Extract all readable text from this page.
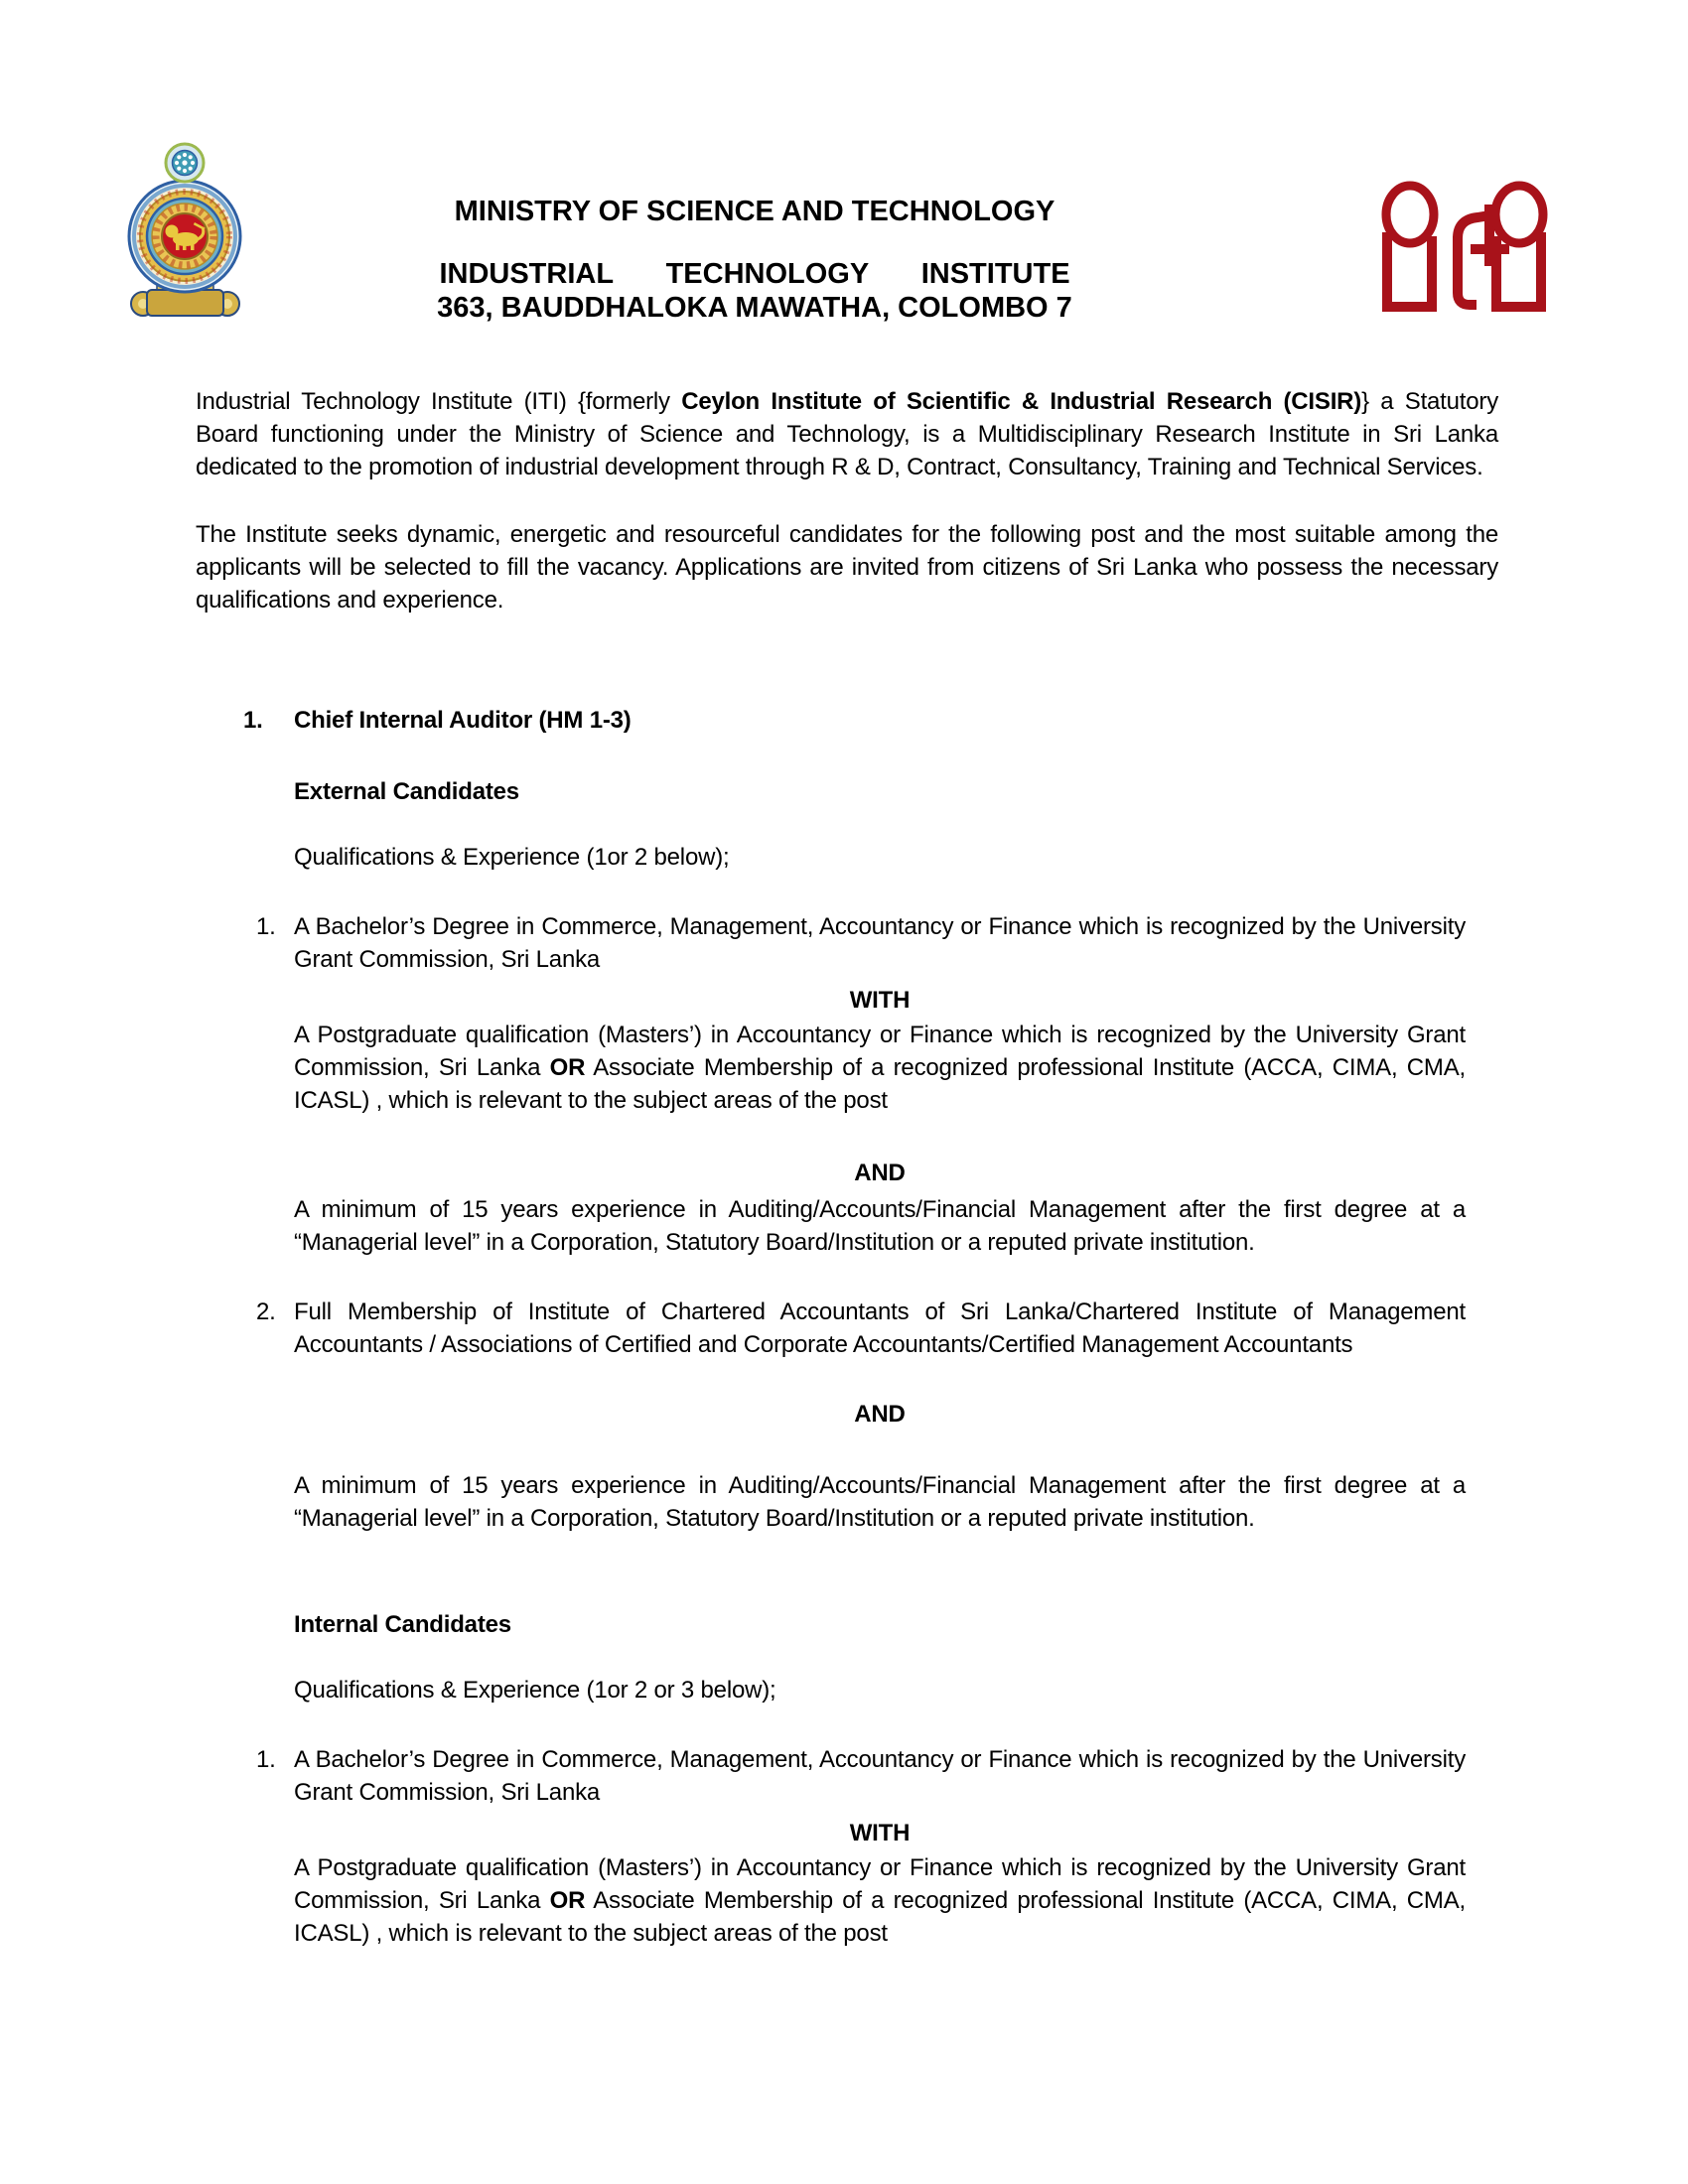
MINISTRY OF SCIENCE AND TECHNOLOGY
INDUSTRIAL TECHNOLOGY INSTITUTE
363, BAUDDHALOKA MAWATHA, COLOMBO 7

Industrial Technology Institute (ITI) {formerly Ceylon Institute of Scientific & Industrial Research (CISIR)} a Statutory Board functioning under the Ministry of Science and Technology, is a Multidisciplinary Research Institute in Sri Lanka dedicated to the promotion of industrial development through R & D, Contract, Consultancy, Training and Technical Services.

The Institute seeks dynamic, energetic and resourceful candidates for the following post and the most suitable among the applicants will be selected to fill the vacancy. Applications are invited from citizens of Sri Lanka who possess the necessary qualifications and experience.

1. Chief Internal Auditor (HM 1-3)
External Candidates
Qualifications & Experience (1or 2 below);
1. A Bachelor’s Degree in Commerce, Management, Accountancy or Finance which is recognized by the University Grant Commission, Sri Lanka

WITH

A Postgraduate qualification (Masters’) in Accountancy or Finance which is recognized by the University Grant Commission, Sri Lanka OR Associate Membership of a recognized professional Institute (ACCA, CIMA, CMA, ICASL) , which is relevant to the subject areas of the post

AND

A minimum of 15 years experience in Auditing/Accounts/Financial Management after the first degree at a “Managerial level” in a Corporation, Statutory Board/Institution or a reputed private institution.

2. Full Membership of Institute of Chartered Accountants of Sri Lanka/Chartered Institute of Management Accountants / Associations of Certified and Corporate Accountants/Certified Management Accountants

AND

A minimum of 15 years experience in Auditing/Accounts/Financial Management after the first degree at a “Managerial level” in a Corporation, Statutory Board/Institution or a reputed private institution.

Internal Candidates
Qualifications & Experience (1or 2 or 3 below);
1. A Bachelor’s Degree in Commerce, Management, Accountancy or Finance which is recognized by the University Grant Commission, Sri Lanka

WITH

A Postgraduate qualification (Masters’) in Accountancy or Finance which is recognized by the University Grant Commission, Sri Lanka OR Associate Membership of a recognized professional Institute (ACCA, CIMA, CMA, ICASL) , which is relevant to the subject areas of the post
